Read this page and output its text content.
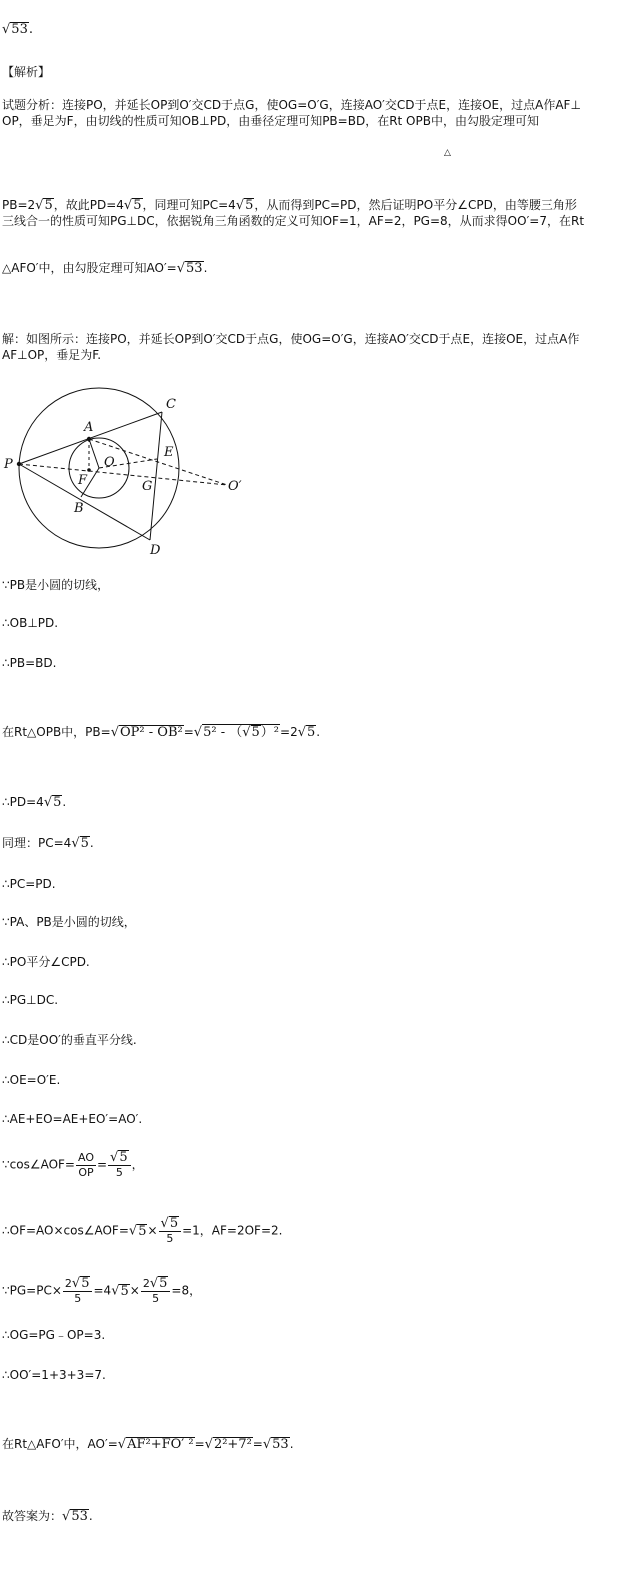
√53.
【解析】
试题分析：连接PO，并延长OP到O′交CD于点G，使OG=O′G，连接AO′交CD于点E，连接OE，过点A作AF⊥
OP，垂足为F，由切线的性质可知OB⊥PD，由垂径定理可知PB=BD，在Rt OPB中，由勾股定理可知
△
PB=2√5，故此PD=4√5，同理可知PC=4√5，从而得到PC=PD，然后证明PO平分∠CPD，由等腰三角形
三线合一的性质可知PG⊥DC，依据锐角三角函数的定义可知OF=1，AF=2，PG=8，从而求得OO′=7，在Rt
△AFO′中，由勾股定理可知AO′=√53.
解：如图所示：连接PO，并延长OP到O′交CD于点G，使OG=O′G，连接AO′交CD于点E，连接OE，过点A作
AF⊥OP，垂足为F.
P
A
B
C
D
E
F	G
O
O′
∵PB是小圆的切线，
∴OB⊥PD.
∴PB=BD.
在Rt△OPB中，PB=√OP² - OB²=√5² - （√5）²=2√5.
∴PD=4√5.
同理：PC=4√5.
∴PC=PD.
∵PA、PB是小圆的切线，
∴PO平分∠CPD.
∴PG⊥DC.
∴CD是OO′的垂直平分线.
∴OE=O′E.
∴AE+EO=AE+EO′=AO′.
∵cos∠AOF= $\frac{AO}{OP} = \frac{√5}{5}$ ，
∴OF=AO×cos∠AOF=√5× $\frac{√5}{5} =1$，AF=2OF=2.
∵PG=PC× $\frac{2√5}{5} =4√5\times \frac{2√5}{5} =8$，
∴OG=PG﹣OP=3.
∴OO′=1+3+3=7.
在Rt△AFO′中，AO′=√AF²+FO′ ²=√2²+7²=√53.
故答案为：√53.
